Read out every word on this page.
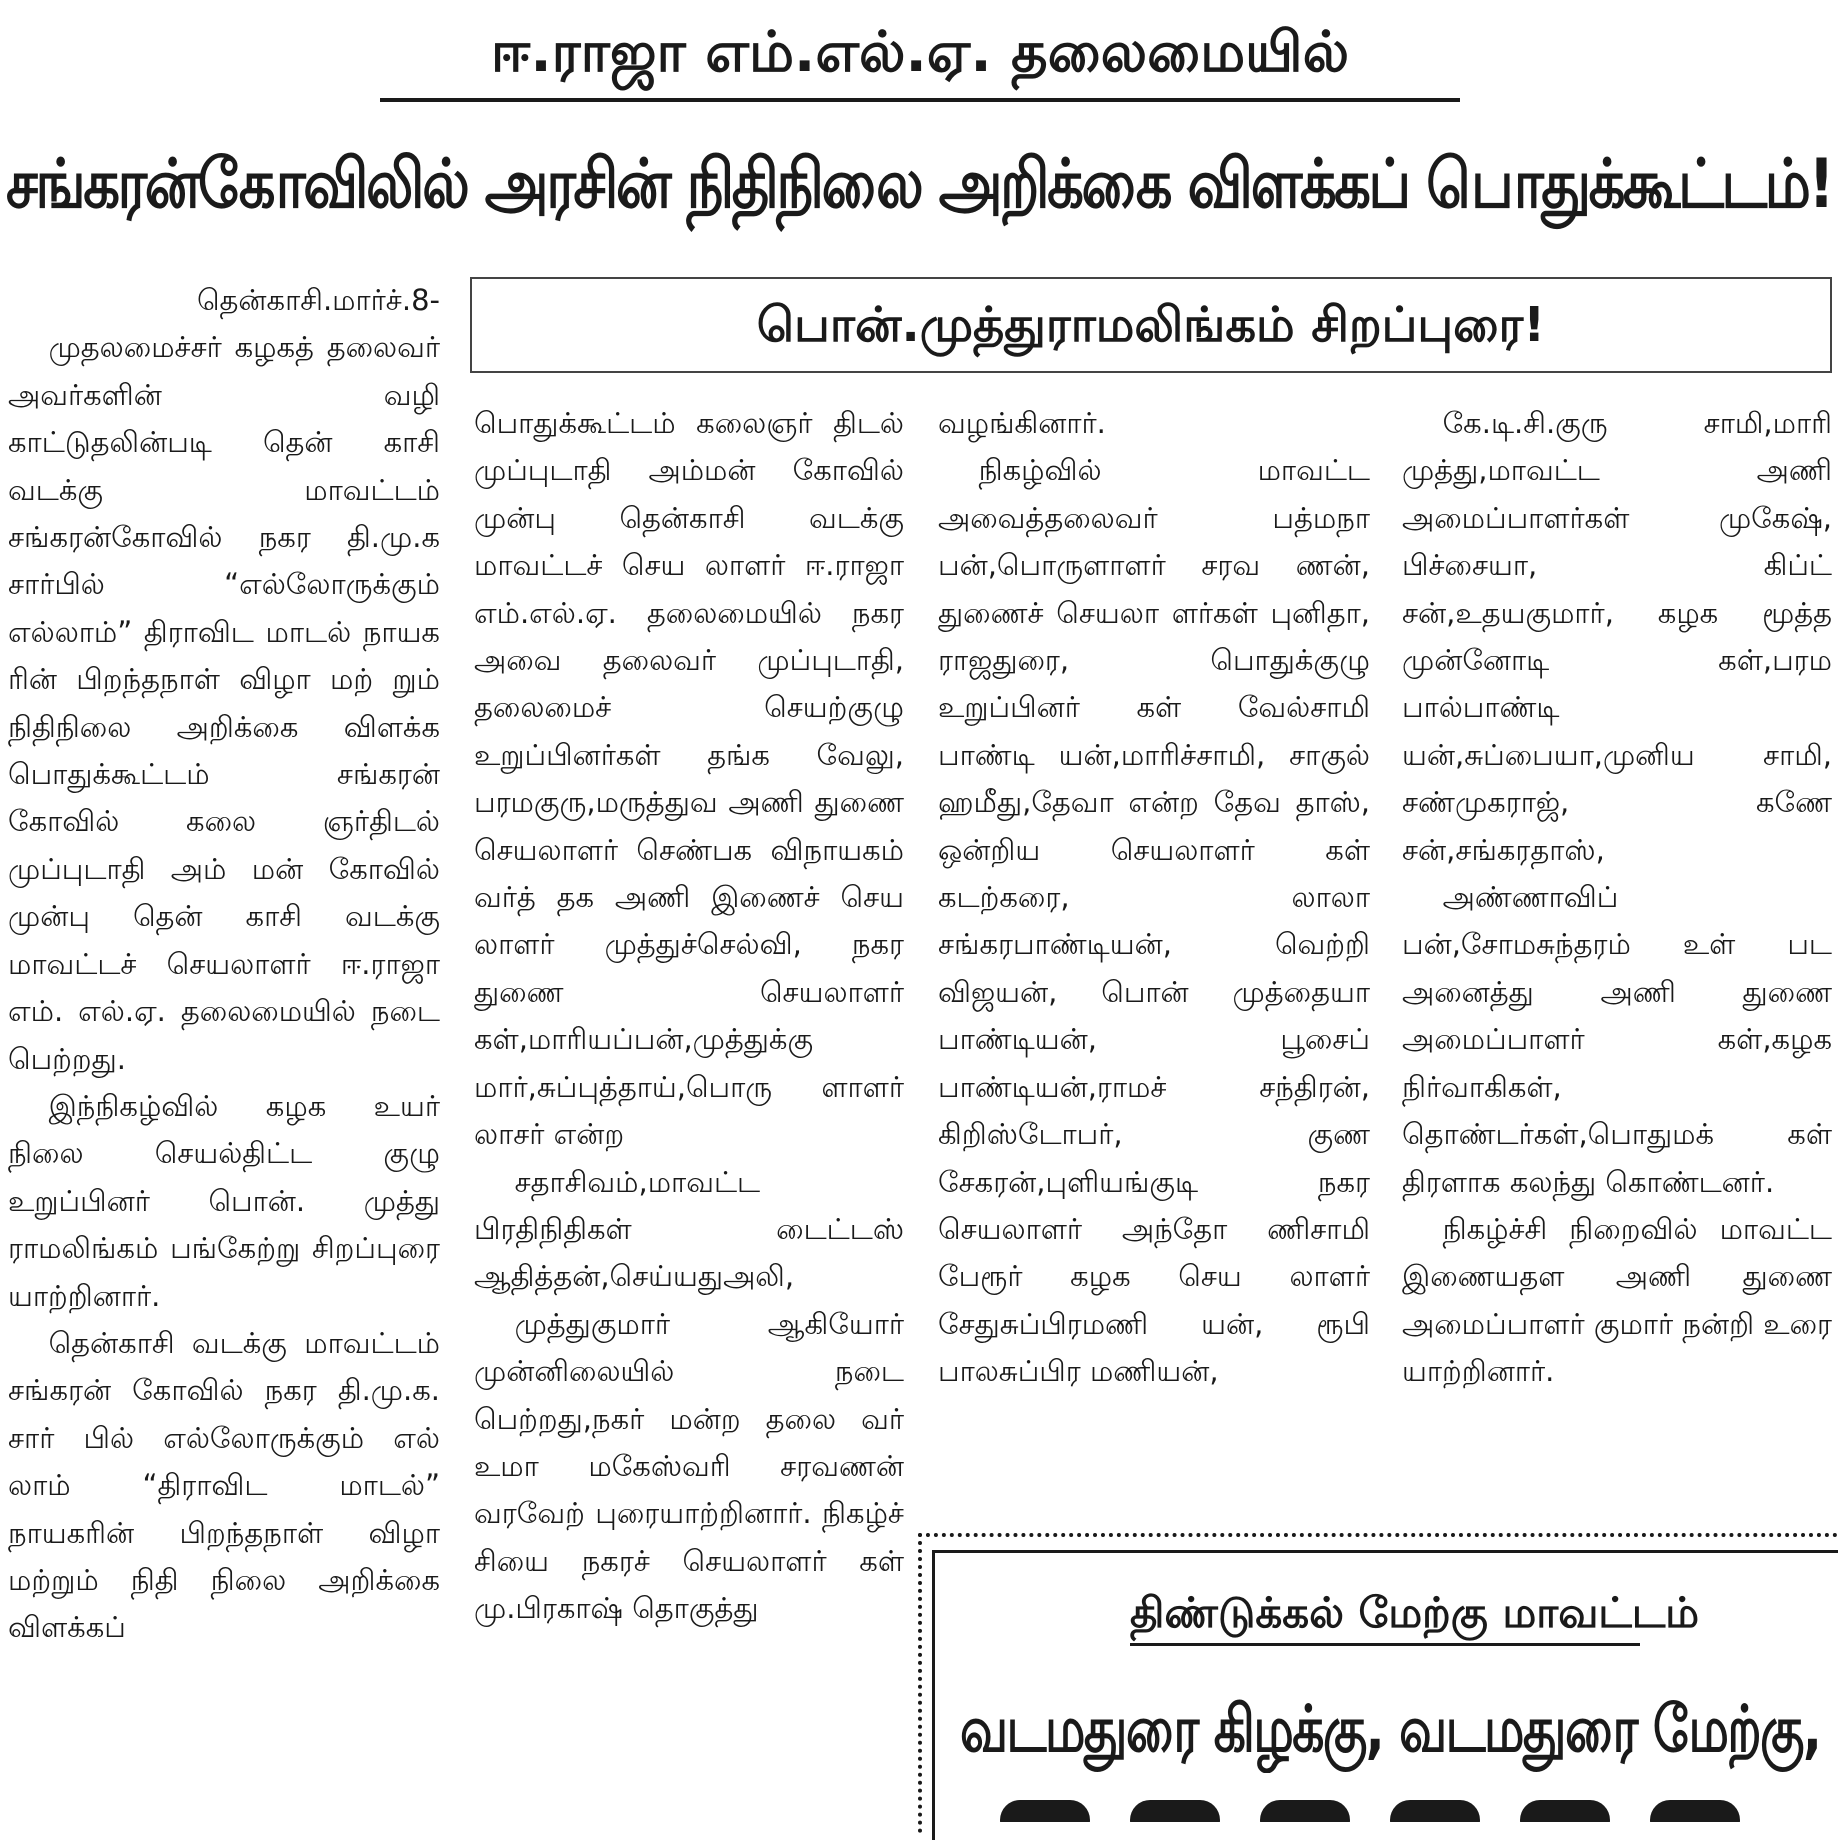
ஈ.ராஜா எம்.எல்.ஏ. தலைமையில்
சங்கரன்கோவிலில் அரசின் நிதிநிலை அறிக்கை விளக்கப் பொதுக்கூட்டம்!
பொன்.முத்துராமலிங்கம் சிறப்புரை!

தென்காசி.மார்ச்.8-

முதலமைச்சர் கழகத் தலைவர் அவர்களின் வழி காட்டுதலின்படி தென் காசி வடக்கு மாவட்டம் சங்கரன்கோவில் நகர தி.மு.க சார்பில் “எல்லோருக்கும் எல்லாம்” திராவிட மாடல் நாயக ரின் பிறந்தநாள் விழா மற் றும் நிதிநிலை அறிக்கை விளக்க பொதுக்கூட்டம் சங்கரன் கோவில் கலை ஞர்திடல் முப்புடாதி அம் மன் கோவில் முன்பு தென் காசி வடக்கு மாவட்டச் செயலாளர் ஈ.ராஜா எம். எல்.ஏ. தலைமையில் நடை பெற்றது.

இந்நிகழ்வில் கழக உயர் நிலை செயல்திட்ட குழு உறுப்பினர் பொன். முத்து ராமலிங்கம் பங்கேற்று சிறப்புரை யாற்றினார்.

தென்காசி வடக்கு மாவட்டம் சங்கரன் கோவில் நகர தி.மு.க. சார் பில் எல்லோருக்கும் எல் லாம் “திராவிட மாடல்” நாயகரின் பிறந்தநாள் விழா மற்றும் நிதி நிலை அறிக்கை விளக்கப்

பொதுக்கூட்டம் கலைஞர் திடல் முப்புடாதி அம்மன் கோவில் முன்பு தென்காசி வடக்கு மாவட்டச் செய லாளர் ஈ.ராஜா எம்.எல்.ஏ. தலைமையில் நகர அவை தலைவர் முப்புடாதி, தலைமைச் செயற்குழு உறுப்பினர்கள் தங்க வேலு, பரமகுரு,மருத்துவ அணி துணை செயலாளர் செண்பக விநாயகம் வர்த் தக அணி இணைச் செய லாளர் முத்துச்செல்வி, நகர துணை செயலாளர் கள்,மாரியப்பன்,முத்துக்கு மார்,சுப்புத்தாய்,பொரு ளாளர் லாசர் என்ற

சதாசிவம்,மாவட்ட பிரதிநிதிகள் டைட்டஸ் ஆதித்தன்,செய்யதுஅலி,

முத்துகுமார் ஆகியோர் முன்னிலையில் நடை பெற்றது,நகர் மன்ற தலை வர் உமா மகேஸ்வரி சரவணன் வரவேற் புரையாற்றினார். நிகழ்ச் சியை நகரச் செயலாளர் கள் மு.பிரகாஷ் தொகுத்து

வழங்கினார்.

நிகழ்வில் மாவட்ட அவைத்தலைவர் பத்மநா பன்,பொருளாளர் சரவ ணன், துணைச் செயலா ளர்கள் புனிதா, ராஜதுரை, பொதுக்குழு உறுப்பினர் கள் வேல்சாமி பாண்டி யன்,மாரிச்சாமி, சாகுல் ஹமீது,தேவா என்ற தேவ தாஸ், ஒன்றிய செயலாளர் கள் கடற்கரை, லாலா சங்கரபாண்டியன், வெற்றி விஜயன், பொன் முத்தையா பாண்டியன், பூசைப் பாண்டியன்,ராமச் சந்திரன், கிறிஸ்டோபர், குண சேகரன்,புளியங்குடி நகர செயலாளர் அந்தோ ணிசாமி பேரூர் கழக செய லாளர் சேதுசுப்பிரமணி யன், ரூபி பாலசுப்பிர மணியன்,

கே.டி.சி.குரு சாமி,மாரி முத்து,மாவட்ட அணி அமைப்பாளர்கள் முகேஷ், பிச்சையா, கிப்ட் சன்,உதயகுமார், கழக மூத்த முன்னோடி கள்,பரம பால்பாண்டி யன்,சுப்பையா,முனிய சாமி, சண்முகராஜ், கணே சன்,சங்கரதாஸ்,

அண்ணாவிப் பன்,சோமசுந்தரம் உள் பட அனைத்து அணி துணை அமைப்பாளர் கள்,கழக நிர்வாகிகள், தொண்டர்கள்,பொதுமக் கள் திரளாக கலந்து கொண்டனர்.

நிகழ்ச்சி நிறைவில் மாவட்ட இணையதள அணி துணை அமைப்பாளர் குமார் நன்றி உரை யாற்றினார்.

திண்டுக்கல் மேற்கு மாவட்டம்
வடமதுரை கிழக்கு, வடமதுரை மேற்கு,
